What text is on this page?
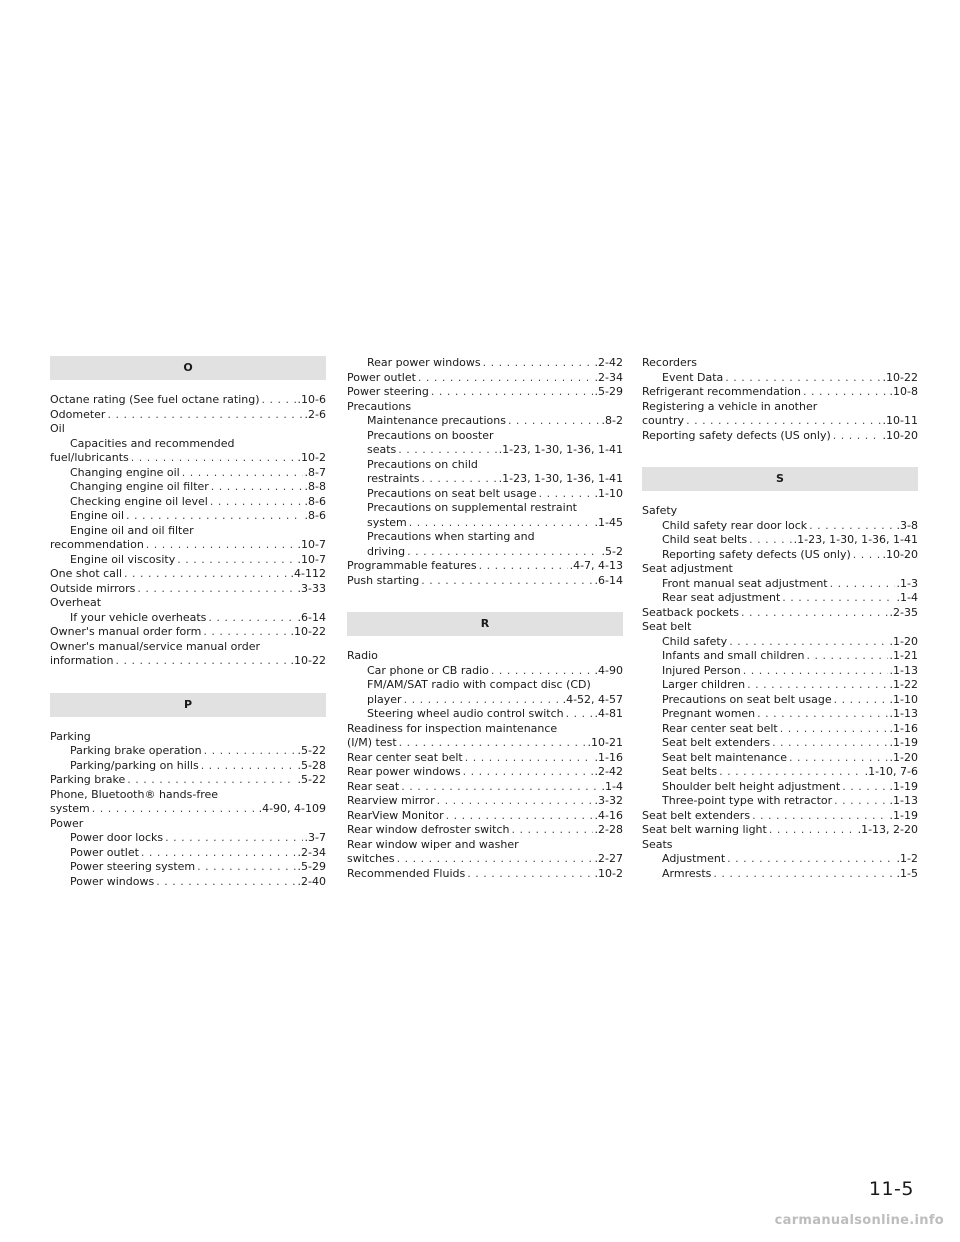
O
Octane rating (See fuel octane rating) . . .	.10-6
Odometer . . .	.2-6
Oil
Capacities and recommended
fuel/lubricants . . .	.10-2
Changing engine oil . . .	.8-7
Changing engine oil filter . . .	.8-8
Checking engine oil level . . .	.8-6
Engine oil . . .	.8-6
Engine oil and oil filter
recommendation . . .	.10-7
Engine oil viscosity . . .	.10-7
One shot call . . .	.4-112
Outside mirrors . . .	.3-33
Overheat
If your vehicle overheats . . .	.6-14
Owner's manual order form . . .	.10-22
Owner's manual/service manual order
information . . .	.10-22
P
Parking
Parking brake operation . . .	.5-22
Parking/parking on hills . . .	.5-28
Parking brake . . .	.5-22
Phone, Bluetooth® hands-free
system . . .	.4-90, 4-109
Power
Power door locks . . .	.3-7
Power outlet . . .	.2-34
Power steering system . . .	.5-29
Power windows . . .	.2-40
Rear power windows . . .	.2-42
Power outlet . . .	.2-34
Power steering . . .	.5-29
Precautions
Maintenance precautions . . .	.8-2
Precautions on booster
seats . . .	.1-23, 1-30, 1-36, 1-41
Precautions on child
restraints . . .	.1-23, 1-30, 1-36, 1-41
Precautions on seat belt usage . . .	.1-10
Precautions on supplemental restraint
system . . .	.1-45
Precautions when starting and
driving . . .	.5-2
Programmable features . . .	.4-7, 4-13
Push starting . . .	.6-14
R
Radio
Car phone or CB radio . . .	.4-90
FM/AM/SAT radio with compact disc (CD)
player . . .	.4-52, 4-57
Steering wheel audio control switch . . .	.4-81
Readiness for inspection maintenance
(I/M) test . . .	.10-21
Rear center seat belt . . .	.1-16
Rear power windows . . .	.2-42
Rear seat . . .	.1-4
Rearview mirror . . .	.3-32
RearView Monitor . . .	.4-16
Rear window defroster switch . . .	.2-28
Rear window wiper and washer
switches . . .	.2-27
Recommended Fluids . . .	.10-2
Recorders
Event Data . . .	.10-22
Refrigerant recommendation . . .	.10-8
Registering a vehicle in another
country . . .	.10-11
Reporting safety defects (US only) . . .	.10-20
S
Safety
Child safety rear door lock . . .	.3-8
Child seat belts . . .	.1-23, 1-30, 1-36, 1-41
Reporting safety defects (US only) . . .	.10-20
Seat adjustment
Front manual seat adjustment . . .	.1-3
Rear seat adjustment . . .	.1-4
Seatback pockets . . .	.2-35
Seat belt
Child safety . . .	.1-20
Infants and small children . . .	.1-21
Injured Person . . .	.1-13
Larger children . . .	.1-22
Precautions on seat belt usage . . .	.1-10
Pregnant women . . .	.1-13
Rear center seat belt . . .	.1-16
Seat belt extenders . . .	.1-19
Seat belt maintenance . . .	.1-20
Seat belts . . .	.1-10, 7-6
Shoulder belt height adjustment . . .	.1-19
Three-point type with retractor . . .	.1-13
Seat belt extenders . . .	.1-19
Seat belt warning light . . .	.1-13, 2-20
Seats
Adjustment . . .	.1-2
Armrests . . .	.1-5
11-5
carmanualsonline.info
